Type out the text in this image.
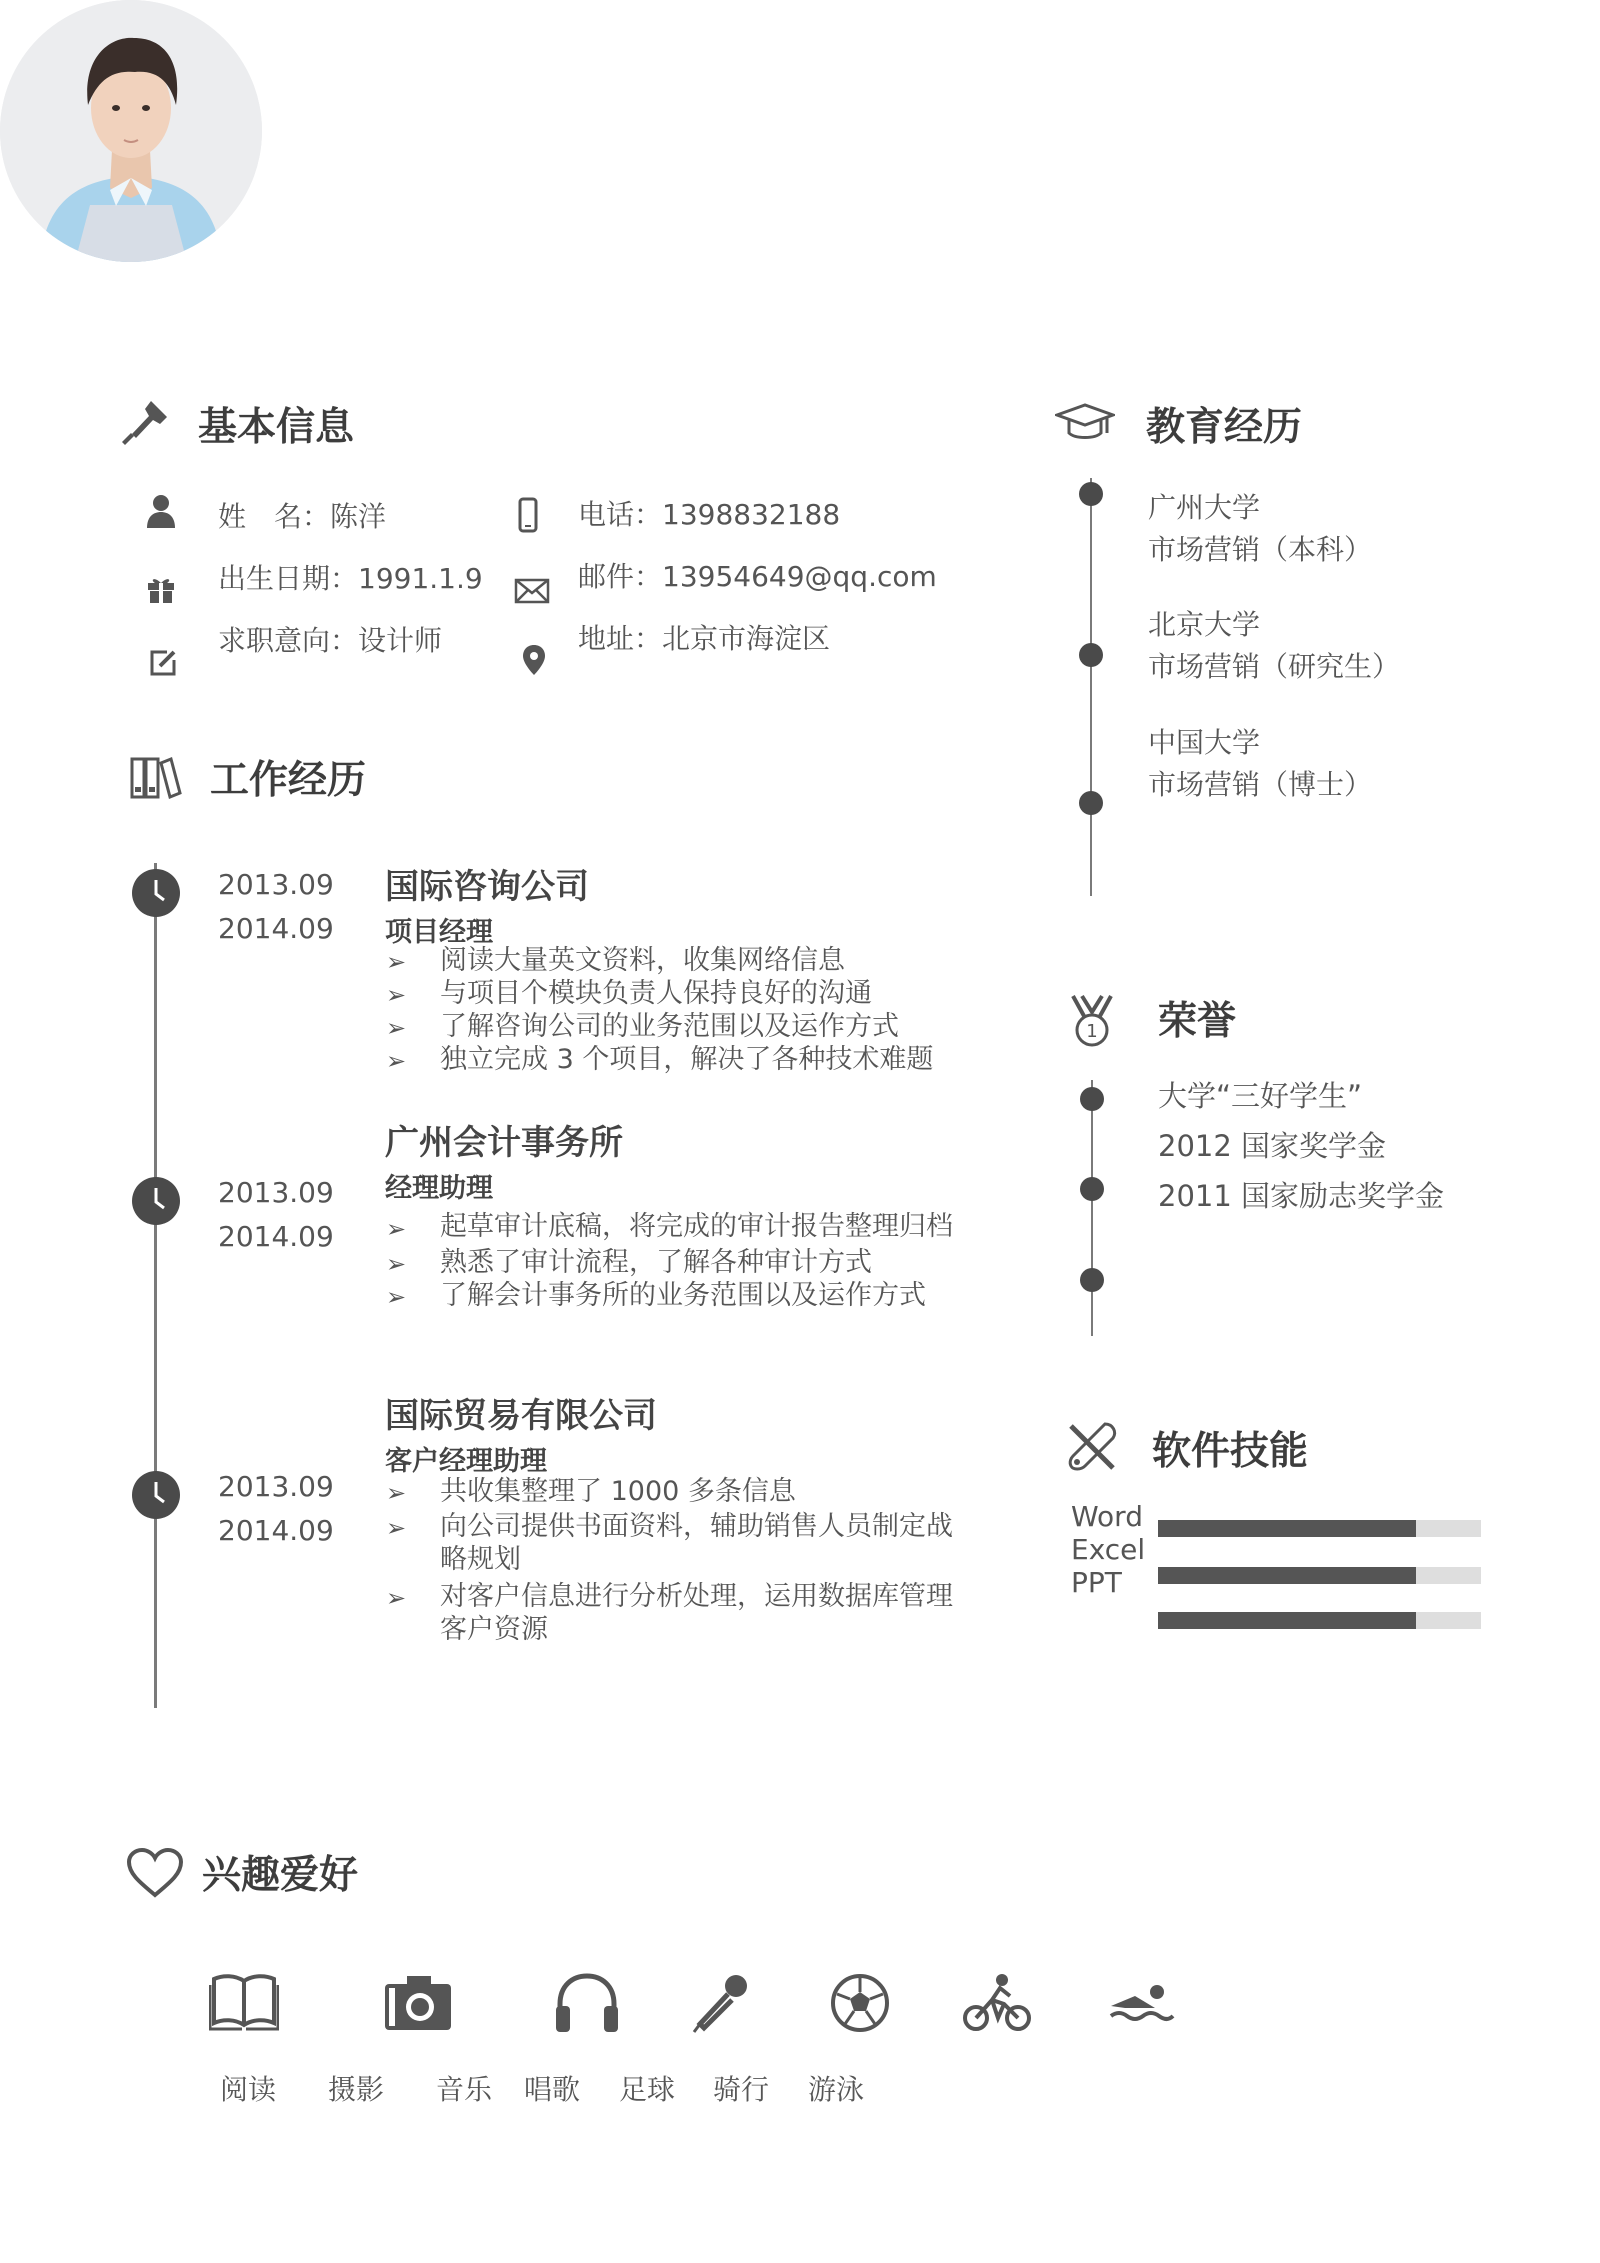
基本信息
姓　名：陈洋
出生日期：1991.1.9
求职意向：设计师
电话：1398832188
邮件：13954649@qq.com
地址：北京市海淀区
工作经历
2013.09
2014.09
国际咨询公司
项目经理
➢ 阅读大量英文资料，收集网络信息
➢ 与项目个模块负责人保持良好的沟通
➢ 了解咨询公司的业务范围以及运作方式
➢ 独立完成 3 个项目，解决了各种技术难题
2013.09
2014.09
广州会计事务所
经理助理
➢ 起草审计底稿，将完成的审计报告整理归档
➢ 熟悉了审计流程，了解各种审计方式
➢ 了解会计事务所的业务范围以及运作方式
2013.09
2014.09
国际贸易有限公司
客户经理助理
➢ 共收集整理了 1000 多条信息
➢ 向公司提供书面资料，辅助销售人员制定战略规划
➢ 对客户信息进行分析处理，运用数据库管理客户资源
教育经历
广州大学
市场营销（本科）
北京大学
市场营销（研究生）
中国大学
市场营销（博士）
1 荣誉
大学“三好学生”
2012 国家奖学金
2011 国家励志奖学金
软件技能
Word
Excel
PPT
兴趣爱好
阅读 摄影 音乐 唱歌 足球 骑行 游泳
